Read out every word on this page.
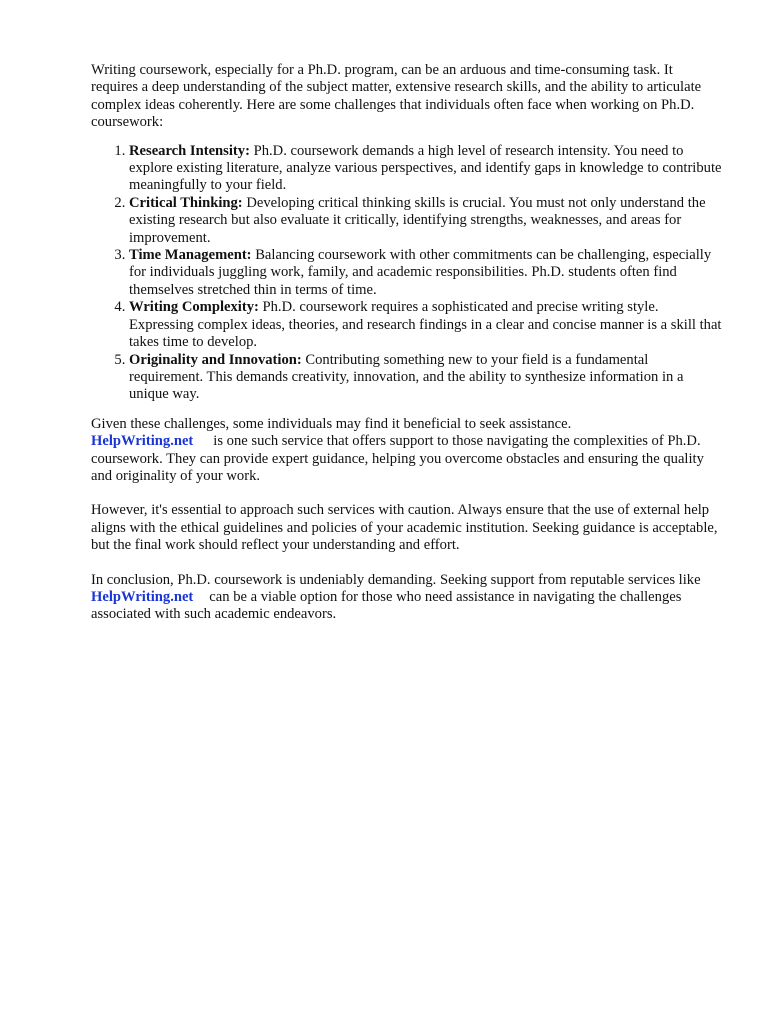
Writing coursework, especially for a Ph.D. program, can be an arduous and time-consuming task. It requires a deep understanding of the subject matter, extensive research skills, and the ability to articulate complex ideas coherently. Here are some challenges that individuals often face when working on Ph.D. coursework:

1. Research Intensity: Ph.D. coursework demands a high level of research intensity. You need to explore existing literature, analyze various perspectives, and identify gaps in knowledge to contribute meaningfully to your field.
2. Critical Thinking: Developing critical thinking skills is crucial. You must not only understand the existing research but also evaluate it critically, identifying strengths, weaknesses, and areas for improvement.
3. Time Management: Balancing coursework with other commitments can be challenging, especially for individuals juggling work, family, and academic responsibilities. Ph.D. students often find themselves stretched thin in terms of time.
4. Writing Complexity: Ph.D. coursework requires a sophisticated and precise writing style. Expressing complex ideas, theories, and research findings in a clear and concise manner is a skill that takes time to develop.
5. Originality and Innovation: Contributing something new to your field is a fundamental requirement. This demands creativity, innovation, and the ability to synthesize information in a unique way.

Given these challenges, some individuals may find it beneficial to seek assistance.
HelpWriting.net is one such service that offers support to those navigating the complexities of Ph.D. coursework. They can provide expert guidance, helping you overcome obstacles and ensuring the quality and originality of your work.

However, it's essential to approach such services with caution. Always ensure that the use of external help aligns with the ethical guidelines and policies of your academic institution. Seeking guidance is acceptable, but the final work should reflect your understanding and effort.

In conclusion, Ph.D. coursework is undeniably demanding. Seeking support from reputable services likeHelpWriting.net can be a viable option for those who need assistance in navigating the challenges associated with such academic endeavors.
